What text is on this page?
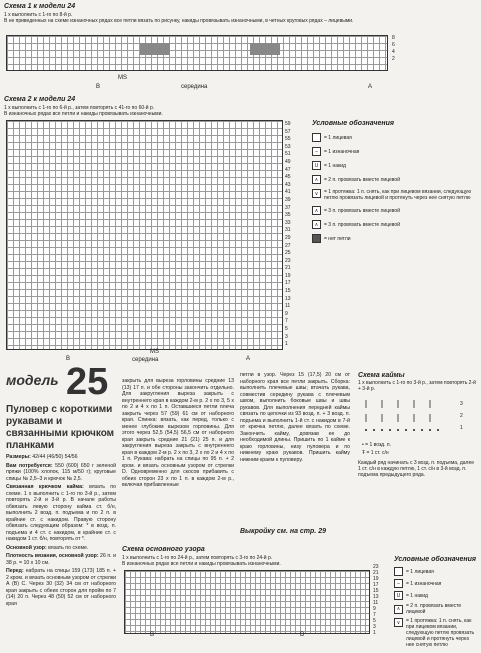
Схема 1 к модели 24
1 х выполнить с 1-го по 8-й р.
В не приведенных на схеме изнаночных рядах все петли вязать по рисунку, накиды провязывать изнаночными, в четных круговых рядах – лицевыми.
8
6
4
2
B
MS
середина	A
Схема 2 к модели 24
1 х выполнить с 1-го по 6-й р., затем повторять с 41-го по 60-й р.
В изнаночных рядах все петли и накиды провязывать изнаночными.
59
57
55
53
51
49
47
45
43
41
39
37
35
33
31
29
27
25
23
21
19
17
15
13
11
9
7
5
3
1
B	середина
MS
A
Условные обозначения
= 1 лицевая
–	= 1 изнаночная
U	= 1 накид
∧	= 2 п. провязать вместе лицевой
∨	= 1 протяжка: 1 п. снять, как при лицевом вязании, следующую петлю провязать лицевой и протянуть через нее снятую петлю
∧	= 3 п. провязать вместе лицевой
∧	= 3 п. провязать вместе лицевой
= нет петли
модель 25
Пуловер с короткими рукавами и связанными крючком планками
Размеры: 42/44 (46/50) 54/56
Вам потребуется: 550 (600) 650 г зеленой пряжи (100% хлопок, 115 м/50 г); круговые спицы № 2,5–3 и крючок № 2,5.
Связанная крючком кайма: вязать по схеме. 1 х выполнить с 1-го по 3-й р., затем повторять 2-й и 3-й р. В начале работы обвязать левую сторону кайма ст. б/н, выполнить 2 возд. п. подъема и по 2 п. в крайние ст. с накидом. Правую сторону обвязать следующим образом: * в возд. п. подъема и 4 ст. с накидом, в крайние ст. с накидом 1 ст. б/н, повторять от *.
Основной узор: вязать по схеме.
Плотность вязания, основной узор: 26 п. и 38 р. = 10 х 10 см.
Перед: набрать на спицы 159 (173) 185 п. + 2 кром. и вязать основным узором от стрелки А (В) С. Через 30 (32) 34 см от наборного края закрыть с обеих сторон для пройм по 7 (14) 20 п. Через 48 (50) 52 см от наборного края
закрыть для выреза горловины средние 13 (13) 17 п. и обе стороны закончить отдельно. Для закругления выреза закрыть с внутреннего края в каждом 2-м р. 2 х по 3, 5 х по 2 и 4 х по 1 п. Оставшиеся петли плеча закрыть через 57 (59) 61 см от наборного края. Спинка: вязать, как перед, только с менее глубоким вырезом горловины. Для этого через 52,5 (54,5) 56,5 см от наборного края закрыть средние 21 (21) 25 п. и для закругления выреза закрыть с внутреннего края в каждом 2-м р. 2 х по 3, 2 х по 2 и 4 х по 1 п. Рукава: набрать на спицы по 95 п. + 2 кром. и вязать основным узором от стрелки D. Одновременно для скосов прибавить с обеих сторон 23 х по 1 п. в каждом 2-м р., включая прибавленные
петли в узор. Через 15 (17,5) 20 см от наборного края все петли закрыть. Сборка: выполнить плечевые швы; втачать рукава, совместив середину рукава с плечевым швом, выполнить боковые швы и швы рукавов. Для выполнения передней каймы связать по цепочки из 93 возд. п. + 3 возд. п. подъема и выполнить 1-й ст. с накидом в 7-й от крючка петлю, далее вязать по схеме. Закончить кайму, довязав ее до необходимой длины. Пришить по 1 кайме к краю горловины, низу пуловера и по нижнему краю рукавов. Пришить кайму нижним краем к пуловеру.
Выкройку см. на стр. 29
Схема каймы
1 х выполнить с 1-го по 3-й р., затем повторять 2-й + 3-й р.
3
2
1
• = 1 возд. п.
Ŧ = 1 ст. с/н
Каждый ряд начинать с 3 возд. п. подъема, далее 1 ст. с/н в каждую петлю, 1 ст. с/н в 3-й возд. п. подъема предыдущего ряда.
Схема основного узора
1 х выполнить с 1-го по 24-й р., затем повторять с 3-го по 24-й р.
В изнаночных рядах все петли и накиды провязывать изнаночными.	23
21
19
17
15
13
11
9
7
5
3
1
B	D
Условные обозначения
= 1 лицевая
–	= 1 изнаночная
U	= 1 накид
∧	= 2 п. провязать вместе лицевой
∨	= 1 протяжка: 1 п. снять, как при лицевом вязании, следующую петлю провязать лицевой и протянуть через нее снятую петлю
